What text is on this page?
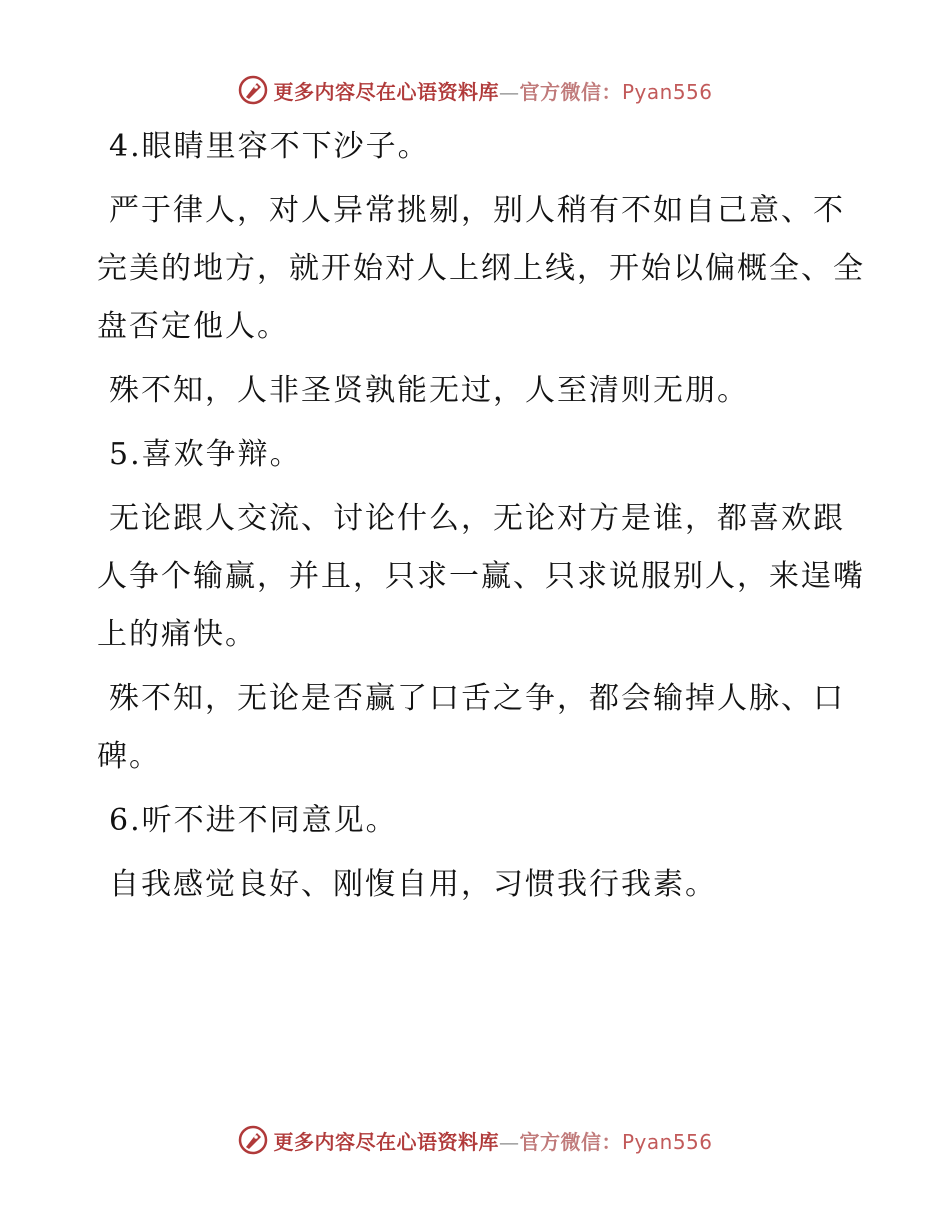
更多内容尽在心语资料库—官方微信：Pyan556

4.眼睛里容不下沙子。

严于律人，对人异常挑剔，别人稍有不如自己意、不完美的地方，就开始对人上纲上线，开始以偏概全、全盘否定他人。

殊不知，人非圣贤孰能无过，人至清则无朋。

5.喜欢争辩。

无论跟人交流、讨论什么，无论对方是谁，都喜欢跟人争个输赢，并且，只求一赢、只求说服别人，来逞嘴上的痛快。

殊不知，无论是否赢了口舌之争，都会输掉人脉、口碑。

6.听不进不同意见。

自我感觉良好、刚愎自用，习惯我行我素。

更多内容尽在心语资料库—官方微信：Pyan556
